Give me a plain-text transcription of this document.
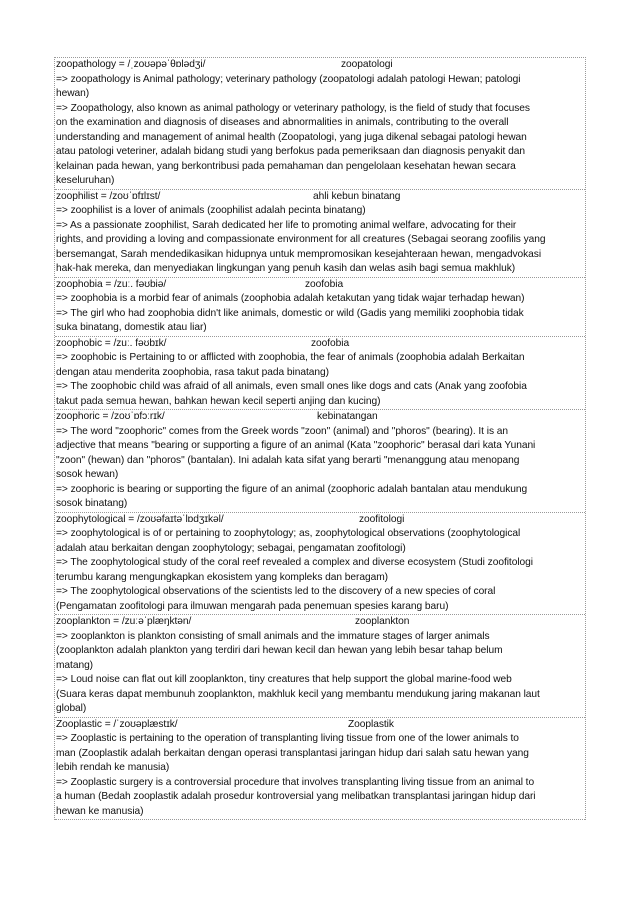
zoopathology = /ˌzoʊəpəˈθɒlədʒi/	zoopatologi
=> zoopathology is Animal pathology; veterinary pathology (zoopatologi adalah patologi Hewan; patologi
hewan)
=> Zoopathology, also known as animal pathology or veterinary pathology, is the field of study that focuses
on the examination and diagnosis of diseases and abnormalities in animals, contributing to the overall
understanding and management of animal health (Zoopatologi, yang juga dikenal sebagai patologi hewan
atau patologi veteriner, adalah bidang studi yang berfokus pada pemeriksaan dan diagnosis penyakit dan
kelainan pada hewan, yang berkontribusi pada pemahaman dan pengelolaan kesehatan hewan secara
keseluruhan)
zoophilist = /zoʊˈɒfɪlɪst/	ahli kebun binatang
=> zoophilist is a lover of animals (zoophilist adalah pecinta binatang)
=> As a passionate zoophilist, Sarah dedicated her life to promoting animal welfare, advocating for their
rights, and providing a loving and compassionate environment for all creatures (Sebagai seorang zoofilis yang
bersemangat, Sarah mendedikasikan hidupnya untuk mempromosikan kesejahteraan hewan, mengadvokasi
hak-hak mereka, dan menyediakan lingkungan yang penuh kasih dan welas asih bagi semua makhluk)
zoophobia = /zuː. fəʊbiə/	zoofobia
=> zoophobia is a morbid fear of animals (zoophobia adalah ketakutan yang tidak wajar terhadap hewan)
=> The girl who had zoophobia didn't like animals, domestic or wild (Gadis yang memiliki zoophobia tidak
suka binatang, domestik atau liar)
zoophobic = /zuː. fəʊbɪk/	zoofobia
=> zoophobic is Pertaining to or afflicted with zoophobia, the fear of animals (zoophobia adalah Berkaitan
dengan atau menderita zoophobia, rasa takut pada binatang)
=> The zoophobic child was afraid of all animals, even small ones like dogs and cats (Anak yang zoofobia
takut pada semua hewan, bahkan hewan kecil seperti anjing dan kucing)
zoophoric = /zoʊˈɒfɔːrɪk/	kebinatangan
=> The word "zoophoric" comes from the Greek words "zoon" (animal) and "phoros" (bearing). It is an
adjective that means "bearing or supporting a figure of an animal (Kata "zoophoric" berasal dari kata Yunani
"zoon" (hewan) dan "phoros" (bantalan). Ini adalah kata sifat yang berarti "menanggung atau menopang
sosok hewan)
=> zoophoric is bearing or supporting the figure of an animal (zoophoric adalah bantalan atau mendukung
sosok binatang)
zoophytological = /zoʊəfaɪtəˈlɒdʒɪkəl/	zoofitologi
=> zoophytological is of or pertaining to zoophytology; as, zoophytological observations (zoophytological
adalah atau berkaitan dengan zoophytology; sebagai, pengamatan zoofitologi)
=> The zoophytological study of the coral reef revealed a complex and diverse ecosystem (Studi zoofitologi
terumbu karang mengungkapkan ekosistem yang kompleks dan beragam)
=> The zoophytological observations of the scientists led to the discovery of a new species of coral
(Pengamatan zoofitologi para ilmuwan mengarah pada penemuan spesies karang baru)
zooplankton = /zuːəˈplæŋktən/	zooplankton
=> zooplankton is plankton consisting of small animals and the immature stages of larger animals
(zooplankton adalah plankton yang terdiri dari hewan kecil dan hewan yang lebih besar tahap belum
matang)
=> Loud noise can flat out kill zooplankton, tiny creatures that help support the global marine-food web
(Suara keras dapat membunuh zooplankton, makhluk kecil yang membantu mendukung jaring makanan laut
global)
Zooplastic = /ˈzoʊəplæstɪk/	Zooplastik
=> Zooplastic is pertaining to the operation of transplanting living tissue from one of the lower animals to
man (Zooplastik adalah berkaitan dengan operasi transplantasi jaringan hidup dari salah satu hewan yang
lebih rendah ke manusia)
=> Zooplastic surgery is a controversial procedure that involves transplanting living tissue from an animal to
a human (Bedah zooplastik adalah prosedur kontroversial yang melibatkan transplantasi jaringan hidup dari
hewan ke manusia)
